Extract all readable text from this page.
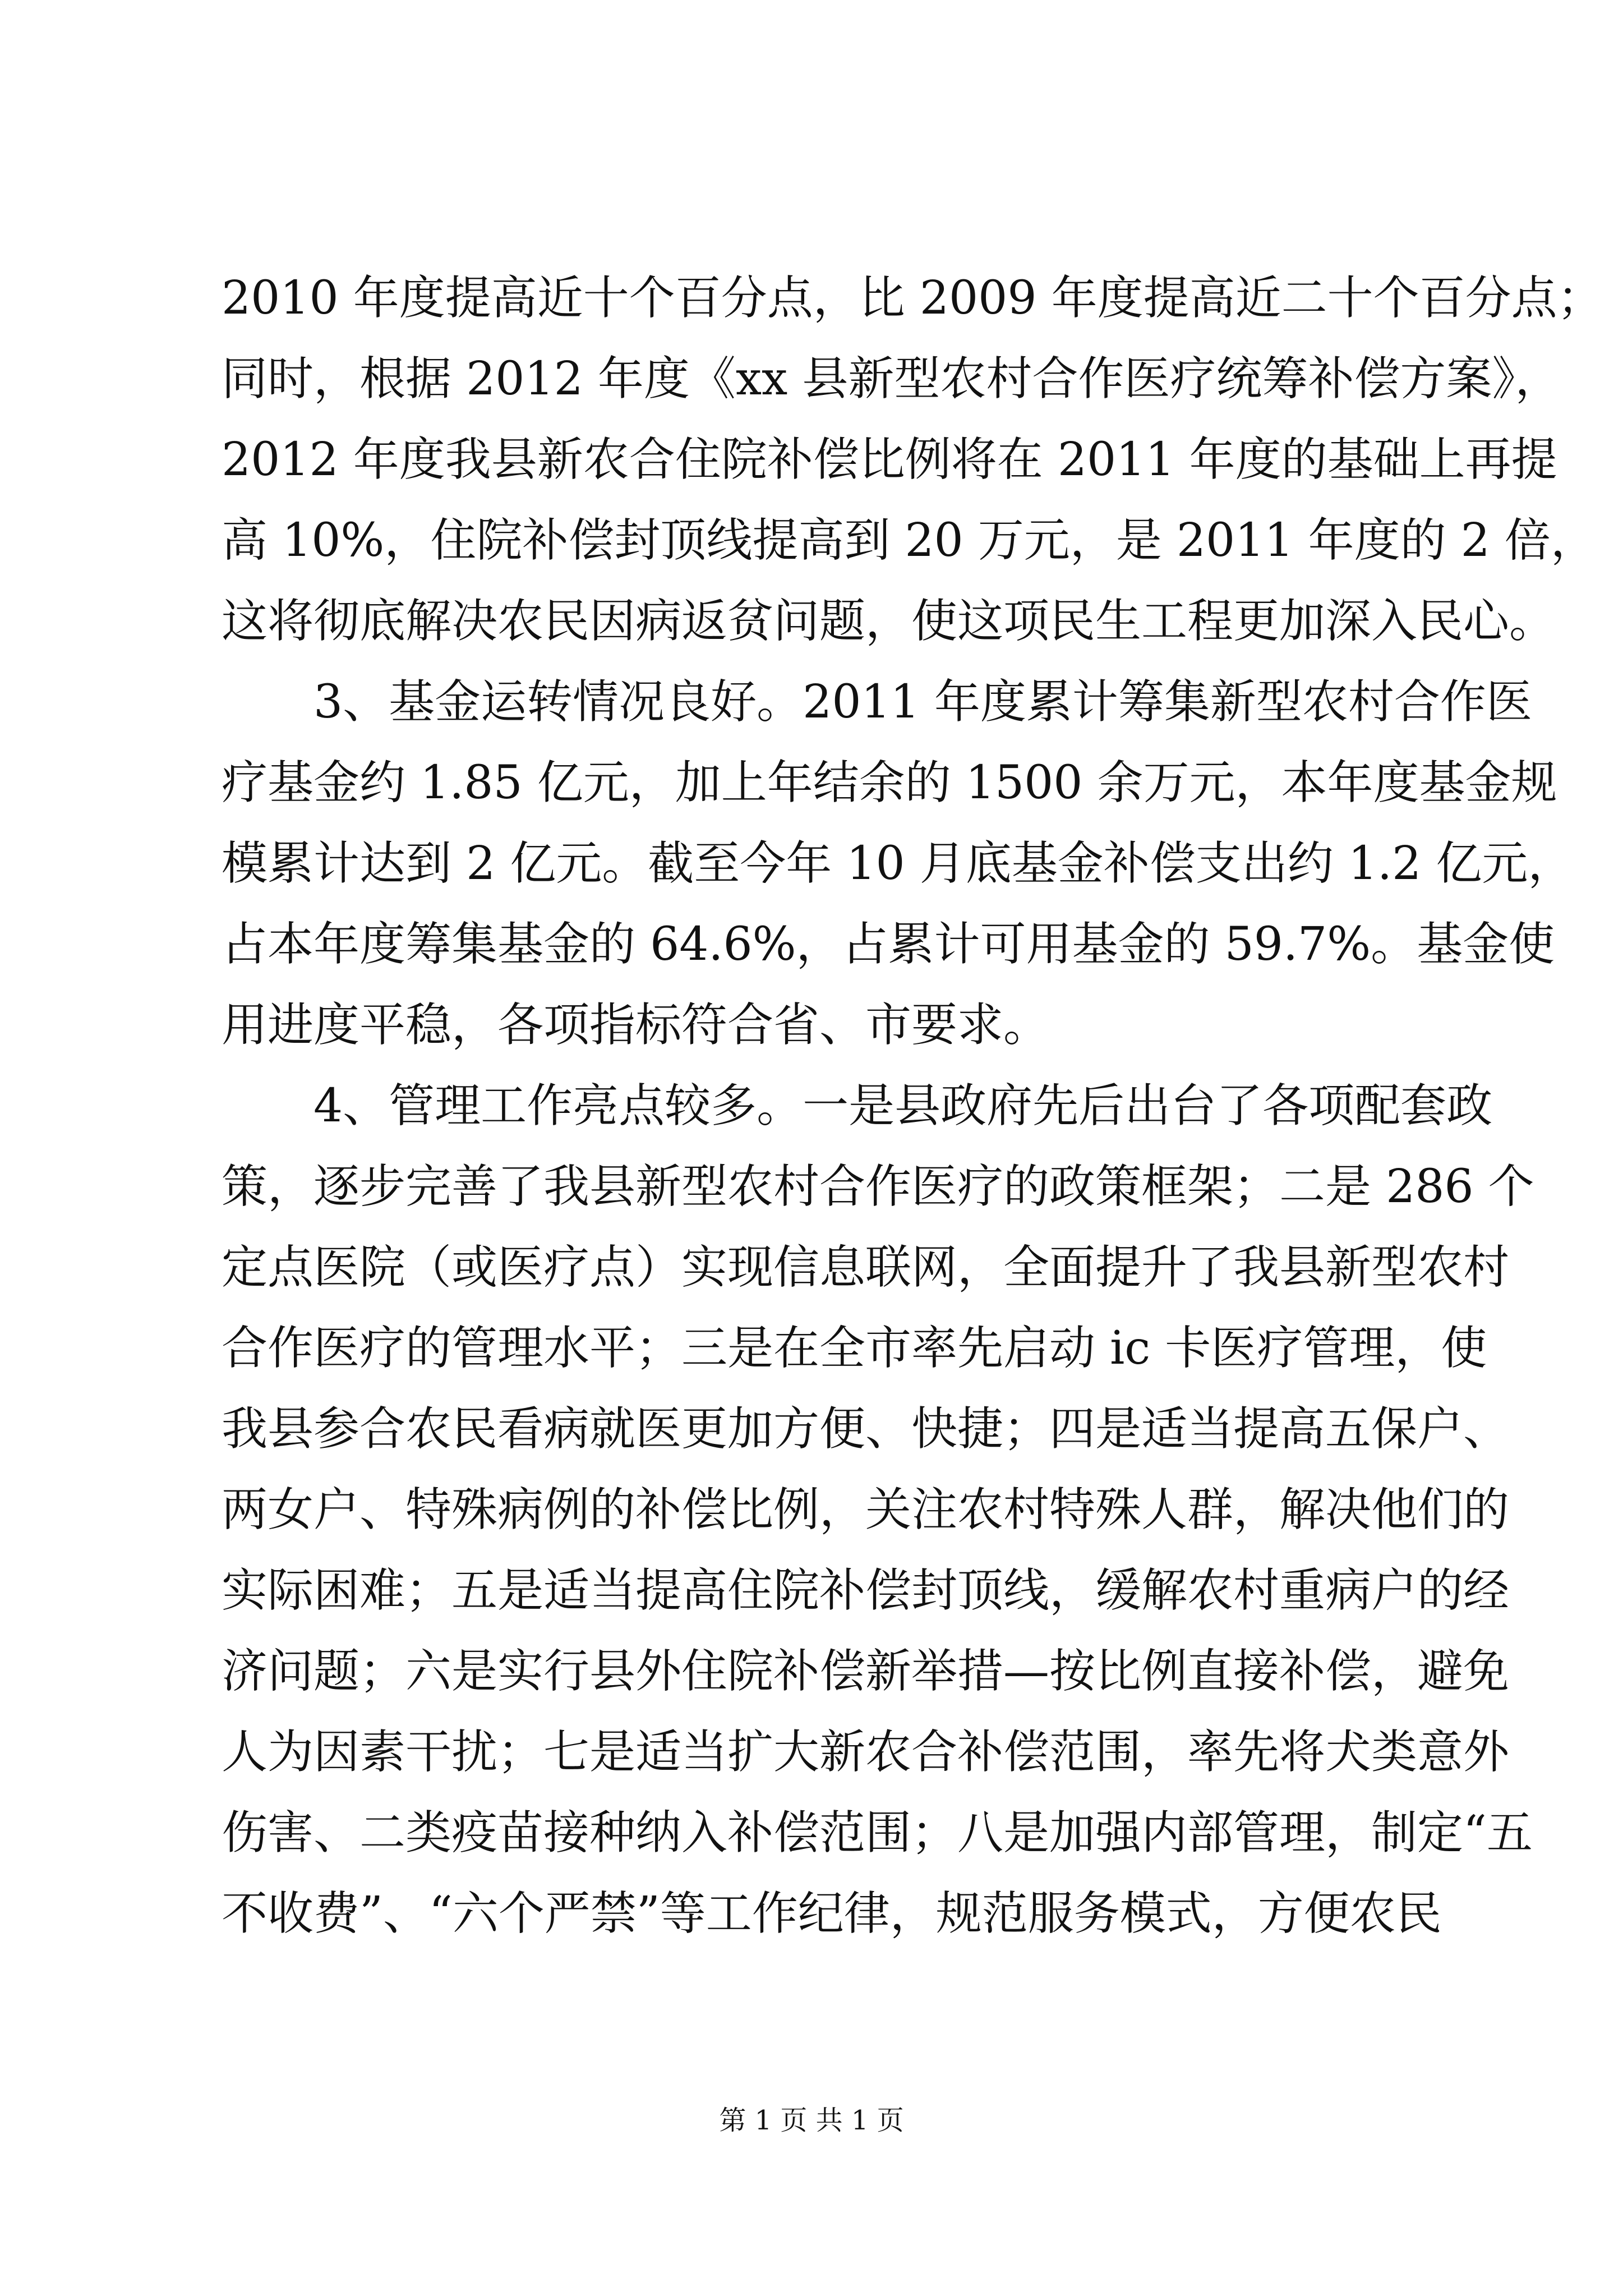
2010 年度提高近十个百分点，比 2009 年度提高近二十个百分点；
同时，根据 2012 年度《xx 县新型农村合作医疗统筹补偿方案》，
2012 年度我县新农合住院补偿比例将在 2011 年度的基础上再提
高 10%，住院补偿封顶线提高到 20 万元，是 2011 年度的 2 倍，
这将彻底解决农民因病返贫问题，使这项民生工程更加深入民心。
3、基金运转情况良好。2011 年度累计筹集新型农村合作医
疗基金约 1.85 亿元，加上年结余的 1500 余万元，本年度基金规
模累计达到 2 亿元。截至今年 10 月底基金补偿支出约 1.2 亿元，
占本年度筹集基金的 64.6%，占累计可用基金的 59.7%。基金使
用进度平稳，各项指标符合省、市要求。
4、管理工作亮点较多。一是县政府先后出台了各项配套政
策，逐步完善了我县新型农村合作医疗的政策框架；二是 286 个
定点医院（或医疗点）实现信息联网，全面提升了我县新型农村
合作医疗的管理水平；三是在全市率先启动 ic 卡医疗管理，使
我县参合农民看病就医更加方便、快捷；四是适当提高五保户、
两女户、特殊病例的补偿比例，关注农村特殊人群，解决他们的
实际困难；五是适当提高住院补偿封顶线，缓解农村重病户的经
济问题；六是实行县外住院补偿新举措—按比例直接补偿，避免
人为因素干扰；七是适当扩大新农合补偿范围，率先将犬类意外
伤害、二类疫苗接种纳入补偿范围；八是加强内部管理，制定“五
不收费”、“六个严禁”等工作纪律，规范服务模式，方便农民
第 1 页 共 1 页
